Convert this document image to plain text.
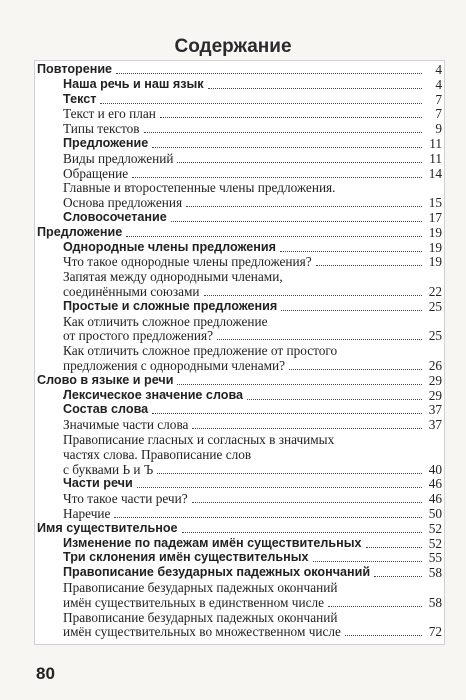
Содержание
Повторение	4
Наша речь и наш язык	4
Текст	7
Текст и его план	7
Типы текстов	9
Предложение	11
Виды предложений	11
Обращение	14
Главные и второстепенные члены предложения.
Основа предложения	15
Словосочетание	17
Предложение	19
Однородные члены предложения	19
Что такое однородные члены предложения?	19
Запятая между однородными членами,
соединёнными союзами	22
Простые и сложные предложения	25
Как отличить сложное предложение
от простого предложения?	25
Как отличить сложное предложение от простого
предложения с однородными членами?	26
Слово в языке и речи	29
Лексическое значение слова	29
Состав слова	37
Значимые части слова	37
Правописание гласных и согласных в значимых
частях слова. Правописание слов
с буквами Ь и Ъ	40
Части речи	46
Что такое части речи?	46
Наречие	50
Имя существительное	52
Изменение по падежам имён существительных	52
Три склонения имён существительных	55
Правописание безударных падежных окончаний	58
Правописание безударных падежных окончаний
имён существительных в единственном числе	58
Правописание безударных падежных окончаний
имён существительных во множественном числе	72
80
